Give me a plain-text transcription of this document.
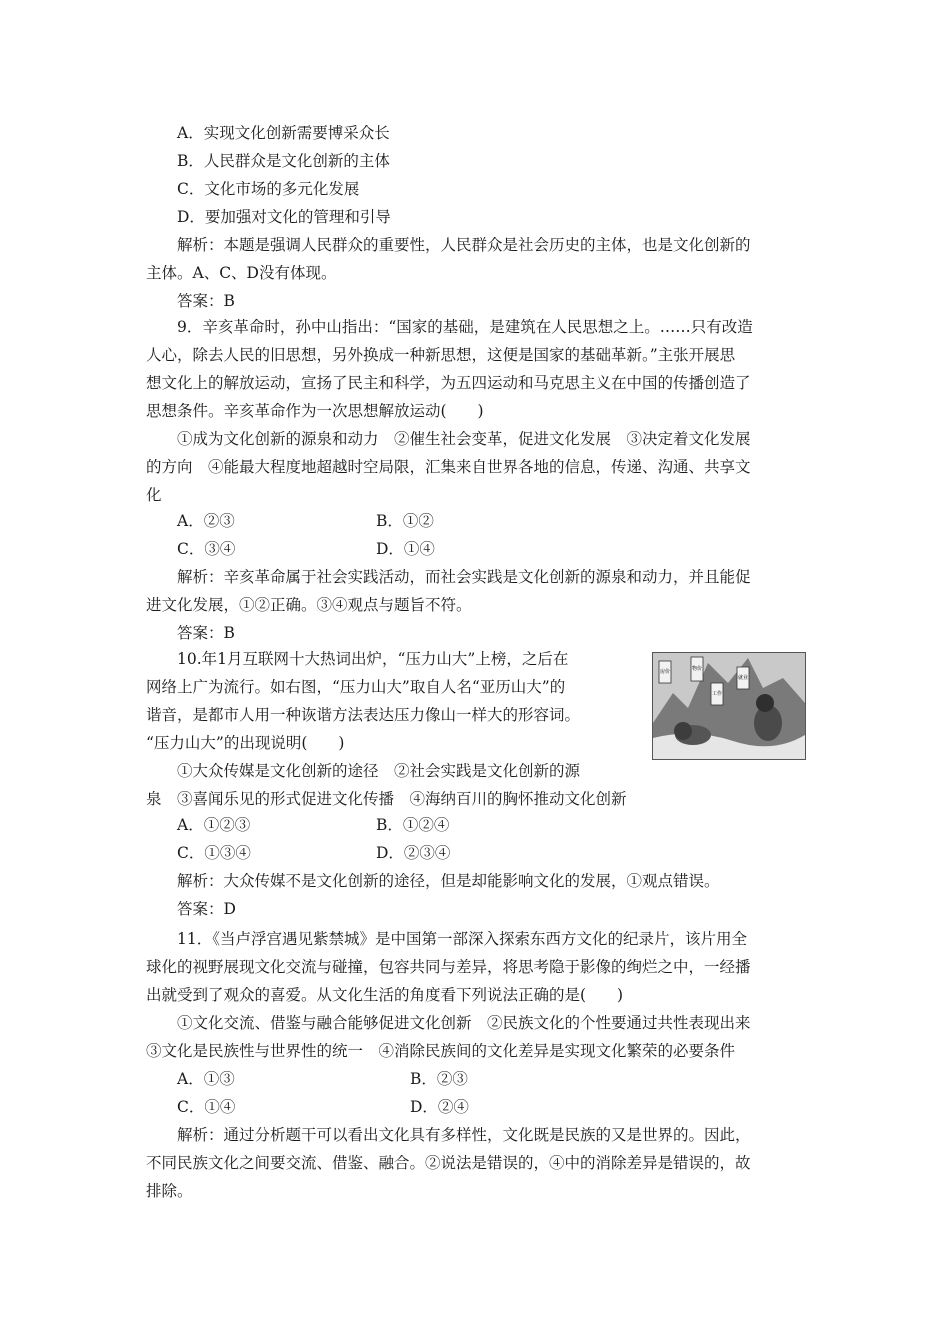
A．实现文化创新需要博采众长
B．人民群众是文化创新的主体
C．文化市场的多元化发展
D．要加强对文化的管理和引导
解析：本题是强调人民群众的重要性，人民群众是社会历史的主体，也是文化创新的
主体。A、C、D没有体现。
答案：B
9．辛亥革命时，孙中山指出：“国家的基础，是建筑在人民思想之上。……只有改造
人心，除去人民的旧思想，另外换成一种新思想，这便是国家的基础革新。”主张开展思
想文化上的解放运动，宣扬了民主和科学，为五四运动和马克思主义在中国的传播创造了
思想条件。辛亥革命作为一次思想解放运动(　　)
①成为文化创新的源泉和动力　②催生社会变革，促进文化发展　③决定着文化发展
的方向　④能最大程度地超越时空局限，汇集来自世界各地的信息，传递、沟通、共享文
化
A．②③	B．①②
C．③④	D．①④
解析：辛亥革命属于社会实践活动，而社会实践是文化创新的源泉和动力，并且能促
进文化发展，①②正确。③④观点与题旨不符。
答案：B
10.年1月互联网十大热词出炉，“压力山大”上榜，之后在
网络上广为流行。如右图，“压力山大”取自人名“亚历山大”的
谐音，是都市人用一种诙谐方法表达压力像山一样大的形容词。
“压力山大”的出现说明(　　)
①大众传媒是文化创新的途径　②社会实践是文化创新的源
泉　③喜闻乐见的形式促进文化传播　④海纳百川的胸怀推动文化创新
A．①②③	B．①②④
C．①③④	D．②③④
解析：大众传媒不是文化创新的途径，但是却能影响文化的发展，①观点错误。
答案：D
房价	物价
工作
就业
11．《当卢浮宫遇见紫禁城》是中国第一部深入探索东西方文化的纪录片，该片用全
球化的视野展现文化交流与碰撞，包容共同与差异，将思考隐于影像的绚烂之中，一经播
出就受到了观众的喜爱。从文化生活的角度看下列说法正确的是(　　)
①文化交流、借鉴与融合能够促进文化创新　②民族文化的个性要通过共性表现出来
③文化是民族性与世界性的统一　④消除民族间的文化差异是实现文化繁荣的必要条件
A．①③	B．②③
C．①④	D．②④
解析：通过分析题干可以看出文化具有多样性，文化既是民族的又是世界的。因此，
不同民族文化之间要交流、借鉴、融合。②说法是错误的，④中的消除差异是错误的，故
排除。
